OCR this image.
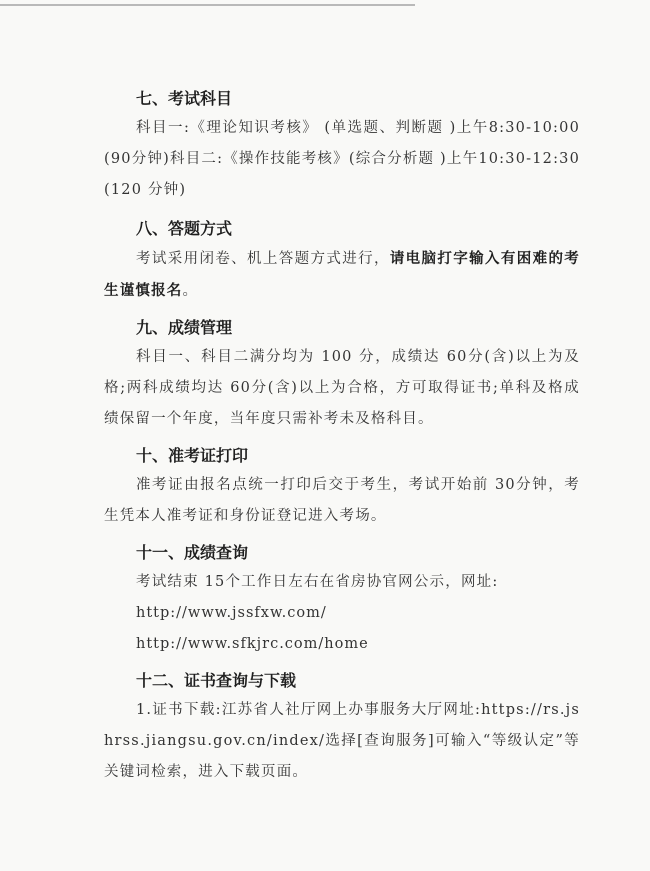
七、考试科目
科目一:《理论知识考核》 (单选题、判断题 )上午8:30-10:00(90分钟)科目二:《操作技能考核》(综合分析题 )上午10:30-12:30(120 分钟)
八、答题方式
考试采用闭卷、机上答题方式进行，请电脑打字输入有困难的考生谨慎报名。
九、成绩管理
科目一、科目二满分均为 100 分，成绩达 60分(含)以上为及格;两科成绩均达 60分(含)以上为合格，方可取得证书;单科及格成绩保留一个年度，当年度只需补考未及格科目。
十、准考证打印
准考证由报名点统一打印后交于考生，考试开始前 30分钟，考生凭本人准考证和身份证登记进入考场。
十一、成绩查询
考试结束 15个工作日左右在省房协官网公示，网址:
http://www.jssfxw.com/
http://www.sfkjrc.com/home
十二、证书查询与下载
1.证书下载:江苏省人社厅网上办事服务大厅网址:https://rs.jshrss.jiangsu.gov.cn/index/选择[查询服务]可输入“等级认定”等关键词检索，进入下载页面。
